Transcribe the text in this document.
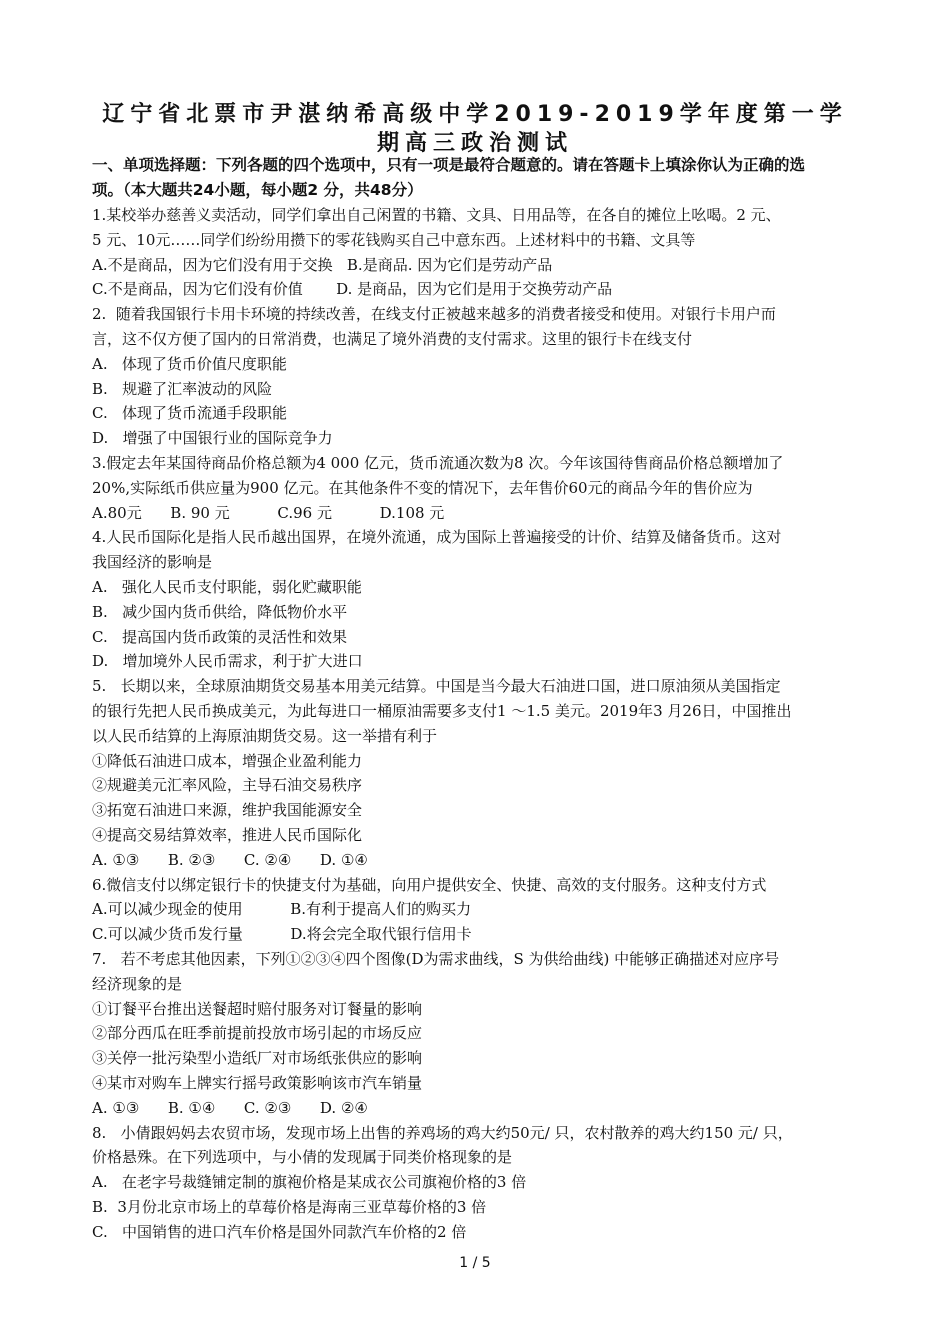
辽宁省北票市尹湛纳希高级中学2019-2019学年度第一学
期高三政治测试
一、单项选择题：下列各题的四个选项中，只有一项是最符合题意的。请在答题卡上填涂你认为正确的选
项。（本大题共24小题，每小题2 分，共48分）
1.某校举办慈善义卖活动，同学们拿出自己闲置的书籍、文具、日用品等，在各自的摊位上吆喝。2 元、
5 元、10元……同学们纷纷用攒下的零花钱购买自己中意东西。上述材料中的书籍、文具等
A.不是商品，因为它们没有用于交换   B.是商品. 因为它们是劳动产品
C.不是商品，因为它们没有价值       D. 是商品，因为它们是用于交换劳动产品
2.  随着我国银行卡用卡环境的持续改善，在线支付正被越来越多的消费者接受和使用。对银行卡用户而
言，这不仅方便了国内的日常消费，也满足了境外消费的支付需求。这里的银行卡在线支付
A.   体现了货币价值尺度职能
B.   规避了汇率波动的风险
C.   体现了货币流通手段职能
D.   增强了中国银行业的国际竞争力
3.假定去年某国待商品价格总额为4 000 亿元，货币流通次数为8 次。今年该国待售商品价格总额增加了
20%,实际纸币供应量为900 亿元。在其他条件不变的情况下，去年售价60元的商品今年的售价应为
A.80元      B. 90 元          C.96 元          D.108 元
4.人民币国际化是指人民币越出国界，在境外流通，成为国际上普遍接受的计价、结算及储备货币。这对
我国经济的影响是
A.   强化人民币支付职能，弱化贮藏职能
B.   减少国内货币供给，降低物价水平
C.   提高国内货币政策的灵活性和效果
D.   增加境外人民币需求，利于扩大进口
5.   长期以来，全球原油期货交易基本用美元结算。中国是当今最大石油进口国，进口原油须从美国指定
的银行先把人民币换成美元，为此每进口一桶原油需要多支付1 ～1.5 美元。2019年3 月26日，中国推出
以人民币结算的上海原油期货交易。这一举措有利于
①降低石油进口成本，增强企业盈利能力
②规避美元汇率风险，主导石油交易秩序
③拓宽石油进口来源，维护我国能源安全
④提高交易结算效率，推进人民币国际化
A. ①③      B. ②③      C. ②④      D. ①④
6.微信支付以绑定银行卡的快捷支付为基础，向用户提供安全、快捷、高效的支付服务。这种支付方式
A.可以减少现金的使用          B.有利于提高人们的购买力
C.可以减少货币发行量          D.将会完全取代银行信用卡
7.   若不考虑其他因素，下列①②③④四个图像(D为需求曲线，S 为供给曲线) 中能够正确描述对应序号
经济现象的是
①订餐平台推出送餐超时赔付服务对订餐量的影响
②部分西瓜在旺季前提前投放市场引起的市场反应
③关停一批污染型小造纸厂对市场纸张供应的影响
④某市对购车上牌实行摇号政策影响该市汽车销量
A. ①③      B. ①④      C. ②③      D. ②④
8.   小倩跟妈妈去农贸市场，发现市场上出售的养鸡场的鸡大约50元/ 只，农村散养的鸡大约150 元/ 只，
价格悬殊。在下列选项中，与小倩的发现属于同类价格现象的是
A.   在老字号裁缝铺定制的旗袍价格是某成衣公司旗袍价格的3 倍
B.  3月份北京市场上的草莓价格是海南三亚草莓价格的3 倍
C.   中国销售的进口汽车价格是国外同款汽车价格的2 倍
1 / 5
